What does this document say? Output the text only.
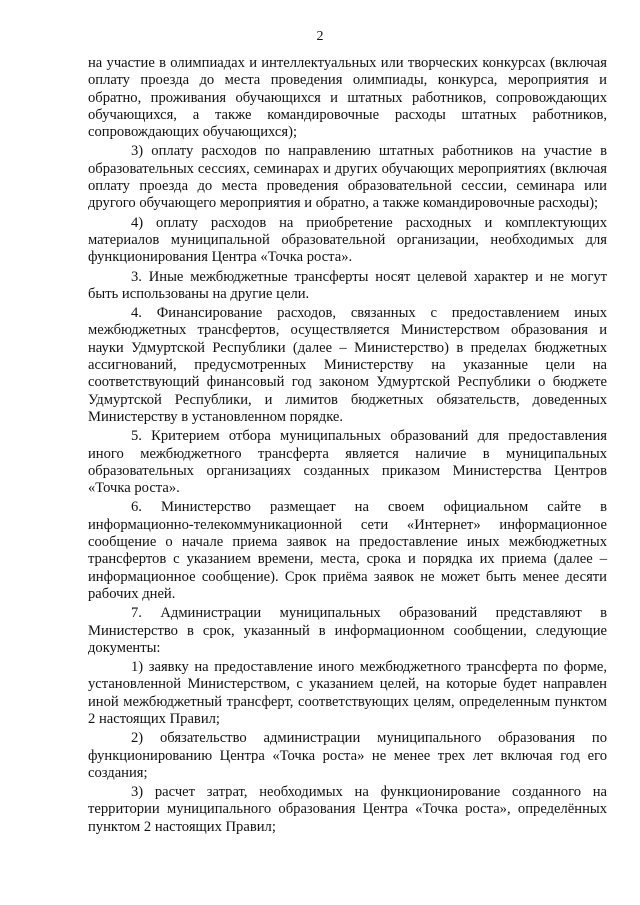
2

на участие в олимпиадах и интеллектуальных или творческих конкурсах (включая оплату проезда до места проведения олимпиады, конкурса, мероприятия и обратно, проживания обучающихся и штатных работников, сопровождающих обучающихся, а также командировочные расходы штатных работников, сопровождающих обучающихся);

3) оплату расходов по направлению штатных работников на участие в образовательных сессиях, семинарах и других обучающих мероприятиях (включая оплату проезда до места проведения образовательной сессии, семинара или другого обучающего мероприятия и обратно, а также командировочные расходы);

4) оплату расходов на приобретение расходных и комплектующих материалов муниципальной образовательной организации, необходимых для функционирования Центра «Точка роста».

3. Иные межбюджетные трансферты носят целевой характер и не могут быть использованы на другие цели.

4. Финансирование расходов, связанных с предоставлением иных межбюджетных трансфертов, осуществляется Министерством образования и науки Удмуртской Республики (далее – Министерство) в пределах бюджетных ассигнований, предусмотренных Министерству на указанные цели на соответствующий финансовый год законом Удмуртской Республики о бюджете Удмуртской Республики, и лимитов бюджетных обязательств, доведенных Министерству в установленном порядке.

5. Критерием отбора муниципальных образований для предоставления иного межбюджетного трансферта является наличие в муниципальных образовательных организациях созданных приказом Министерства Центров «Точка роста».

6. Министерство размещает на своем официальном сайте в информационно-телекоммуникационной сети «Интернет» информационное сообщение о начале приема заявок на предоставление иных межбюджетных трансфертов с указанием времени, места, срока и порядка их приема (далее – информационное сообщение). Срок приёма заявок не может быть менее десяти рабочих дней.

7. Администрации муниципальных образований представляют в Министерство в срок, указанный в информационном сообщении, следующие документы:

1) заявку на предоставление иного межбюджетного трансферта по форме, установленной Министерством, с указанием целей, на которые будет направлен иной межбюджетный трансферт, соответствующих целям, определенным пунктом 2 настоящих Правил;

2) обязательство администрации муниципального образования по функционированию Центра «Точка роста» не менее трех лет включая год его создания;

3) расчет затрат, необходимых на функционирование созданного на территории муниципального образования Центра «Точка роста», определённых пунктом 2 настоящих Правил;
